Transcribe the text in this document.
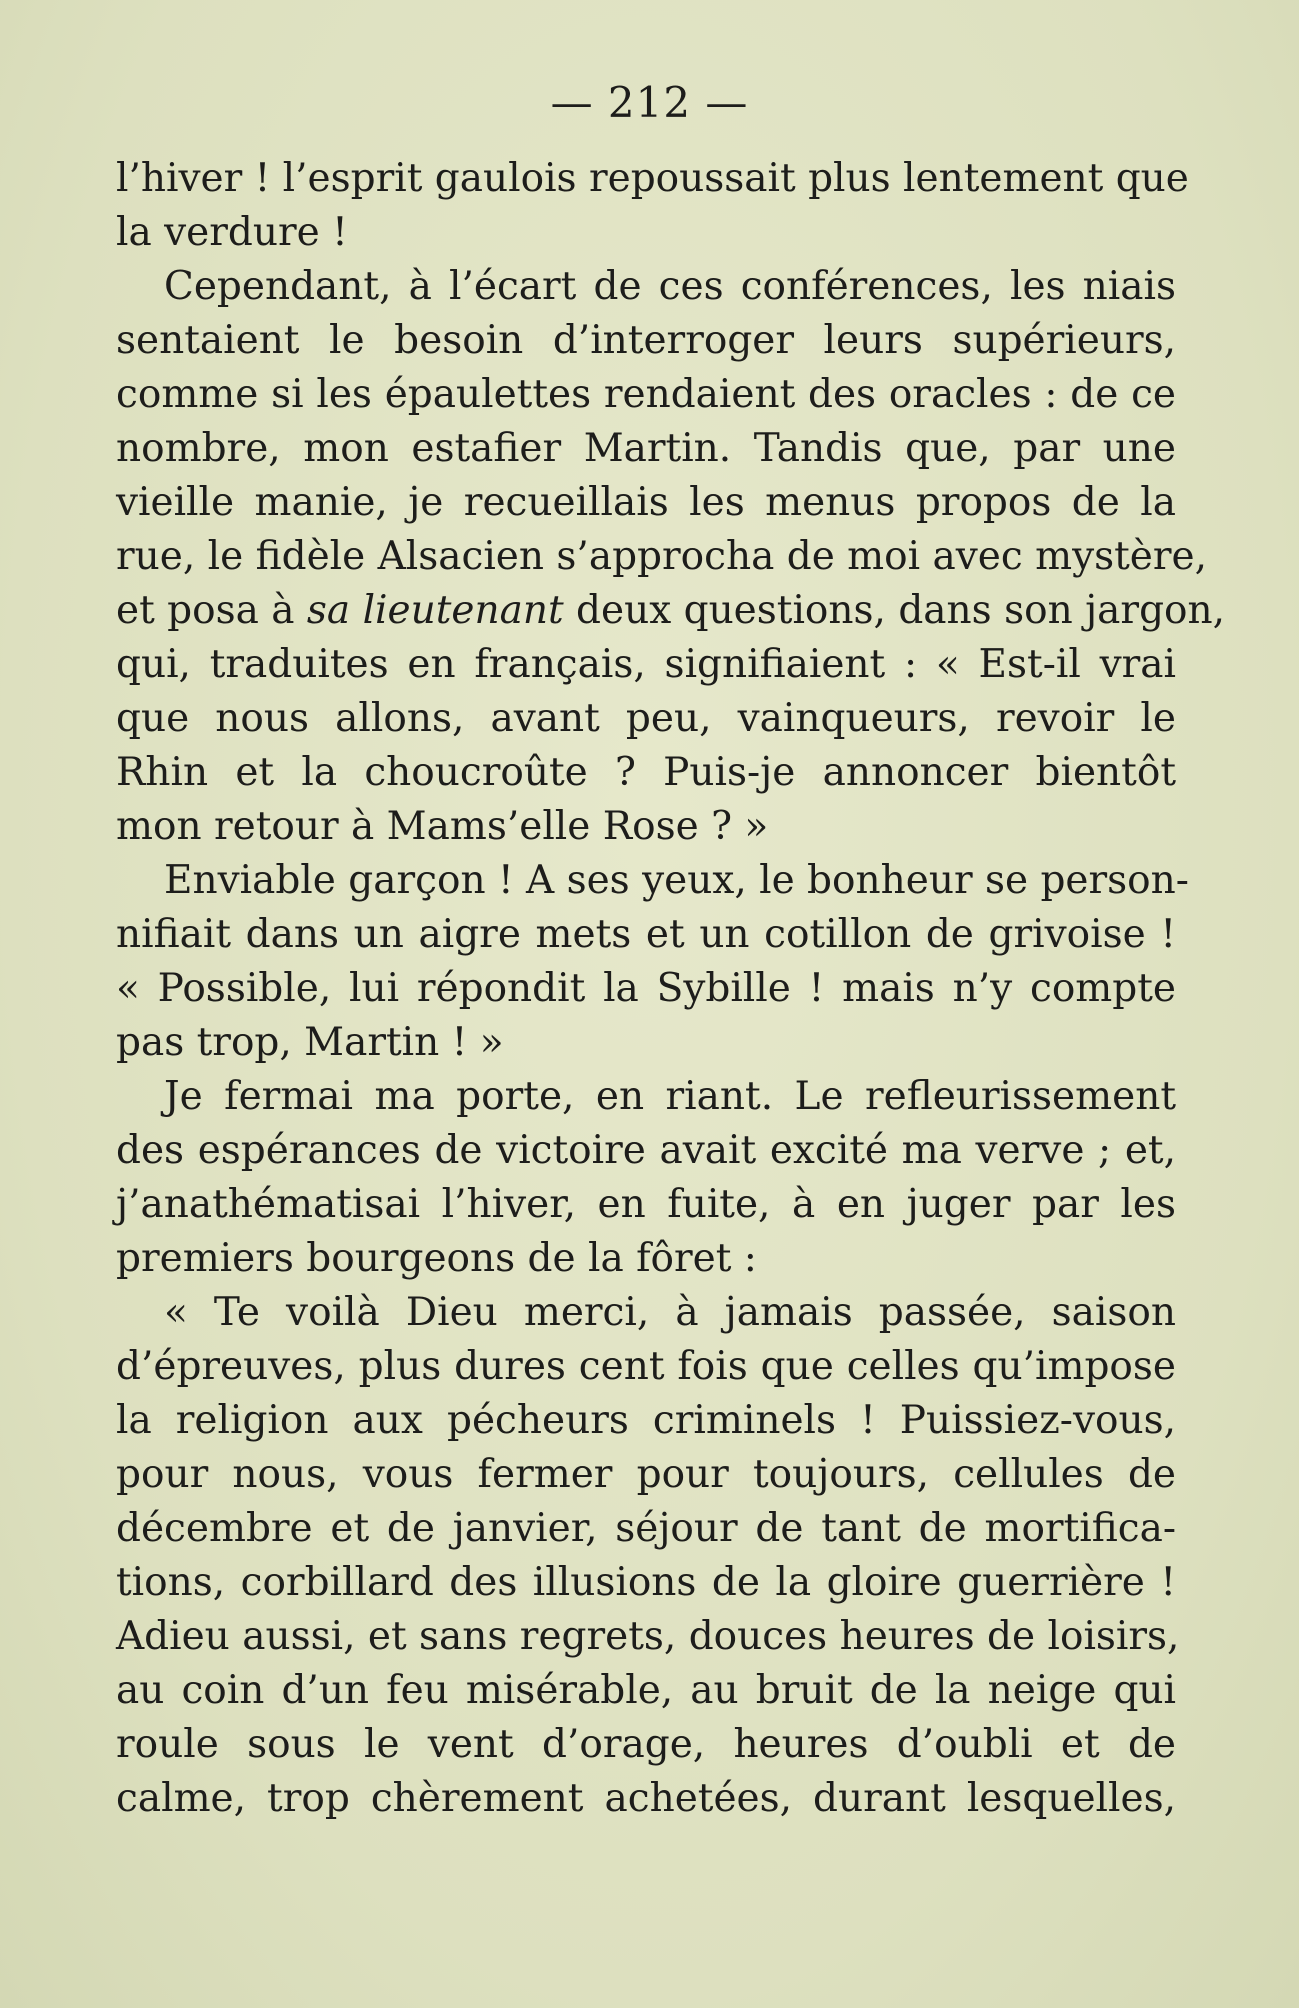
— 212 —
l’hiver ! l’esprit gaulois repoussait plus lentement que
la verdure !
Cependant, à l’écart de ces conférences, les niais
sentaient le besoin d’interroger leurs supérieurs,
comme si les épaulettes rendaient des oracles : de ce
nombre, mon estafier Martin. Tandis que, par une
vieille manie, je recueillais les menus propos de la
rue, le fidèle Alsacien s’approcha de moi avec mystère,
et posa à sa lieutenant deux questions, dans son jargon,
qui, traduites en français, signifiaient : « Est-il vrai
que nous allons, avant peu, vainqueurs, revoir le
Rhin et la choucroûte ? Puis-je annoncer bientôt
mon retour à Mams’elle Rose ? »
Enviable garçon ! A ses yeux, le bonheur se person-
nifiait dans un aigre mets et un cotillon de grivoise !
« Possible, lui répondit la Sybille ! mais n’y compte
pas trop, Martin ! »
Je fermai ma porte, en riant. Le refleurissement
des espérances de victoire avait excité ma verve ; et,
j’anathématisai l’hiver, en fuite, à en juger par les
premiers bourgeons de la fôret :
« Te voilà Dieu merci, à jamais passée, saison
d’épreuves, plus dures cent fois que celles qu’impose
la religion aux pécheurs criminels ! Puissiez-vous,
pour nous, vous fermer pour toujours, cellules de
décembre et de janvier, séjour de tant de mortifica-
tions, corbillard des illusions de la gloire guerrière !
Adieu aussi, et sans regrets, douces heures de loisirs,
au coin d’un feu misérable, au bruit de la neige qui
roule sous le vent d’orage, heures d’oubli et de
calme, trop chèrement achetées, durant lesquelles,
